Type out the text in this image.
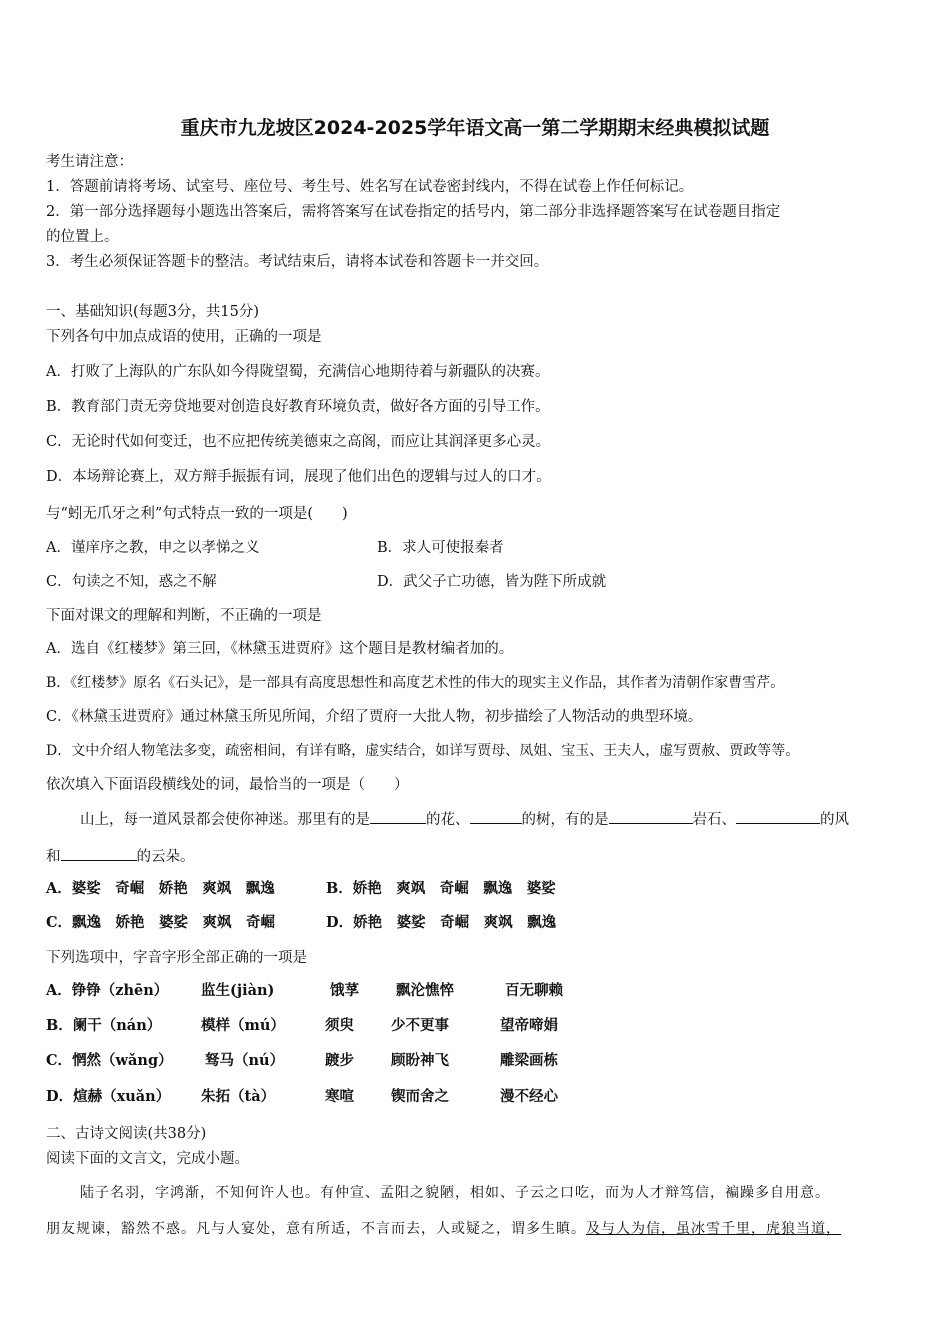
重庆市九龙坡区2024-2025学年语文高一第二学期期末经典模拟试题
考生请注意：
1．答题前请将考场、试室号、座位号、考生号、姓名写在试卷密封线内，不得在试卷上作任何标记。
2．第一部分选择题每小题选出答案后，需将答案写在试卷指定的括号内，第二部分非选择题答案写在试卷题目指定
的位置上。
3．考生必须保证答题卡的整洁。考试结束后，请将本试卷和答题卡一并交回。
一、基础知识(每题3分，共15分)
下列各句中加点成语的使用，正确的一项是
A．打败了上海队的广东队如今得陇望蜀，充满信心地期待着与新疆队的决赛。
B．教育部门责无旁贷地要对创造良好教育环境负责，做好各方面的引导工作。
C．无论时代如何变迁，也不应把传统美德束之高阁，而应让其润泽更多心灵。
D．本场辩论赛上，双方辩手振振有词，展现了他们出色的逻辑与过人的口才。
与“蚓无爪牙之利”句式特点一致的一项是(　　)
A．谨庠序之教，申之以孝悌之义	B．求人可使报秦者
C．句读之不知，惑之不解	D．武父子亡功德，皆为陛下所成就
下面对课文的理解和判断，不正确的一项是
A．选自《红楼梦》第三回，《林黛玉进贾府》这个题目是教材编者加的。
B．《红楼梦》原名《石头记》，是一部具有高度思想性和高度艺术性的伟大的现实主义作品，其作者为清朝作家曹雪芹。
C．《林黛玉进贾府》通过林黛玉所见所闻，介绍了贾府一大批人物，初步描绘了人物活动的典型环境。
D．文中介绍人物笔法多变，疏密相间，有详有略，虚实结合，如详写贾母、凤姐、宝玉、王夫人，虚写贾赦、贾政等等。
依次填入下面语段横线处的词，最恰当的一项是（　　）
山上，每一道风景都会使你神迷。那里有的是	的花、	的树，有的是	岩石、	的风
和	的云朵。
A．婆娑　奇崛　娇艳　爽飒　飘逸	B．娇艳　爽飒　奇崛　飘逸　婆娑
C．飘逸　娇艳　婆娑　爽飒　奇崛	D．娇艳　婆娑　奇崛　爽飒　飘逸
下列选项中，字音字形全部正确的一项是
A．铮铮（zhēn） 监生(jiàn)	饿莩	飘沦憔悴	百无聊赖
B．阑干（nán）	模样（mú）	须臾	少不更事	望帝啼娟
C．惘然（wǎng） 驽马（nú）	踱步	顾盼神飞	雕梁画栋
D．煊赫（xuǎn） 朱拓（tà）	寒喧	锲而舍之	漫不经心
二、古诗文阅读(共38分)
阅读下面的文言文，完成小题。
陆子名羽，字鸿渐，不知何许人也。有仲宣、孟阳之貌陋，相如、子云之口吃，而为人才辩笃信，褊躁多自用意。
朋友规谏，豁然不惑。凡与人宴处，意有所适，不言而去，人或疑之，谓多生瞋。及与人为信，虽冰雪千里，虎狼当道，
